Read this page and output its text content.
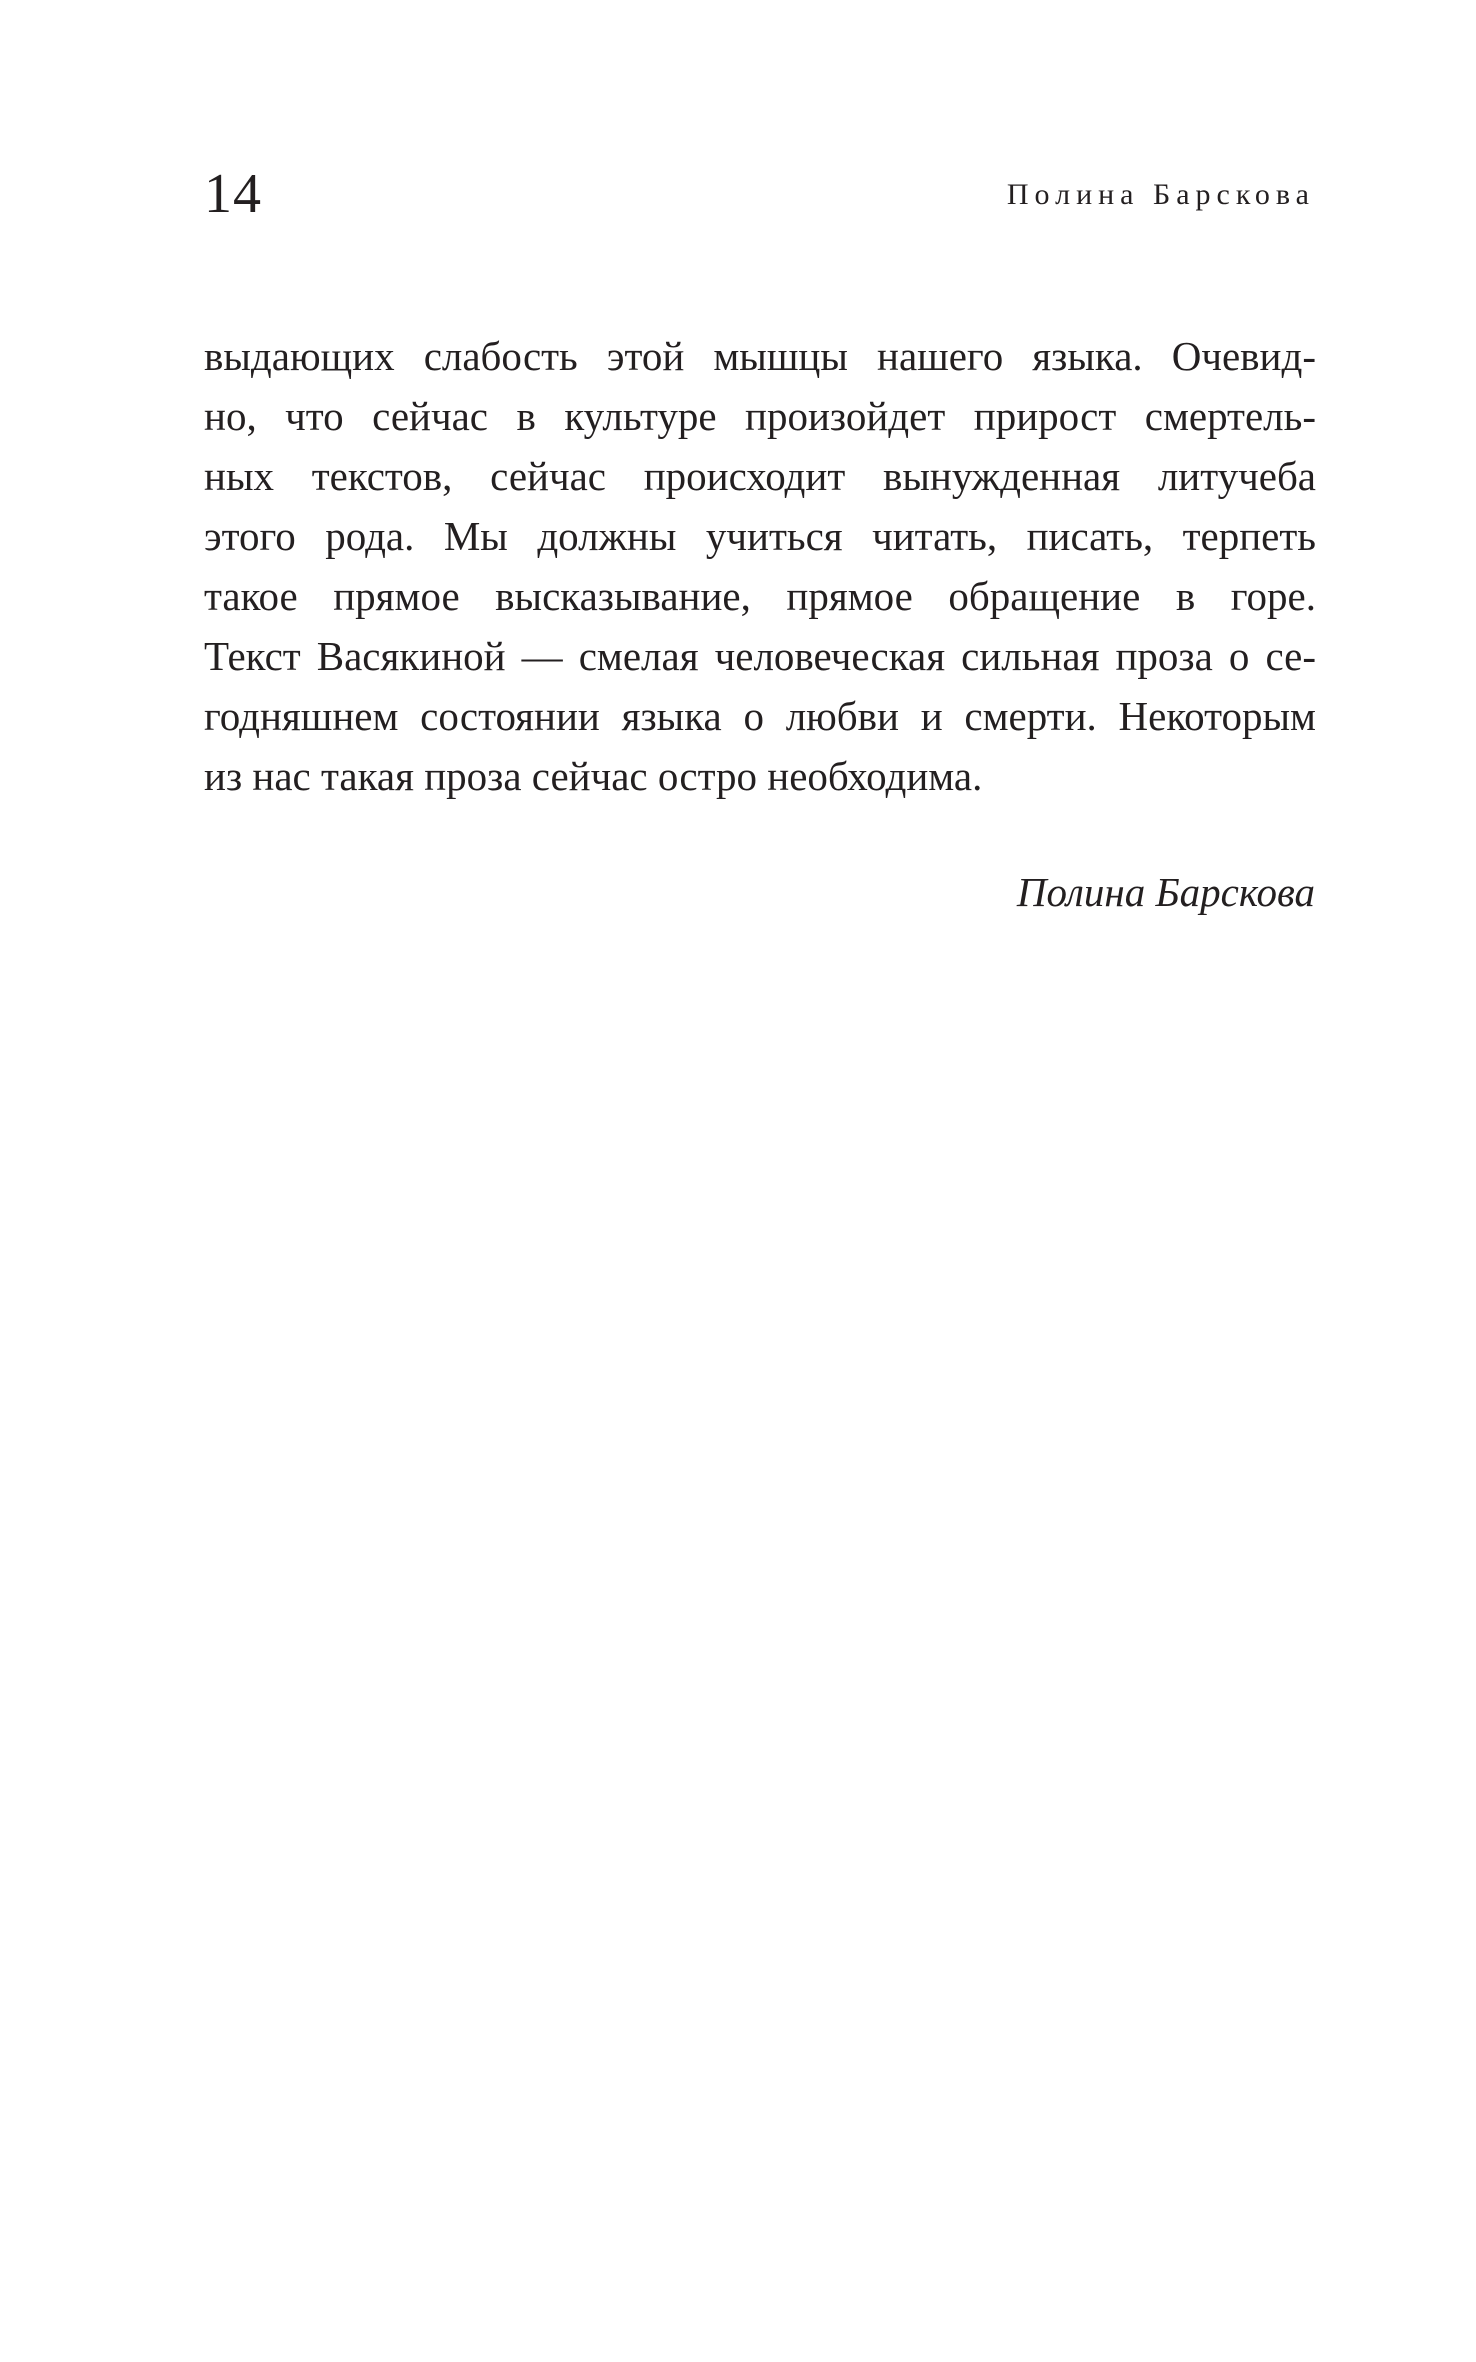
14	Полина Барскова
выдающих слабость этой мышцы нашего языка. Очевид-
но, что сейчас в культуре произойдет прирост смертель-
ных текстов, сейчас происходит вынужденная литучеба
этого рода. Мы должны учиться читать, писать, терпеть
такое прямое высказывание, прямое обращение в горе.
Текст Васякиной — смелая человеческая сильная проза о се-
годняшнем состоянии языка о любви и смерти. Некоторым
из нас такая проза сейчас остро необходима.
Полина Барскова
